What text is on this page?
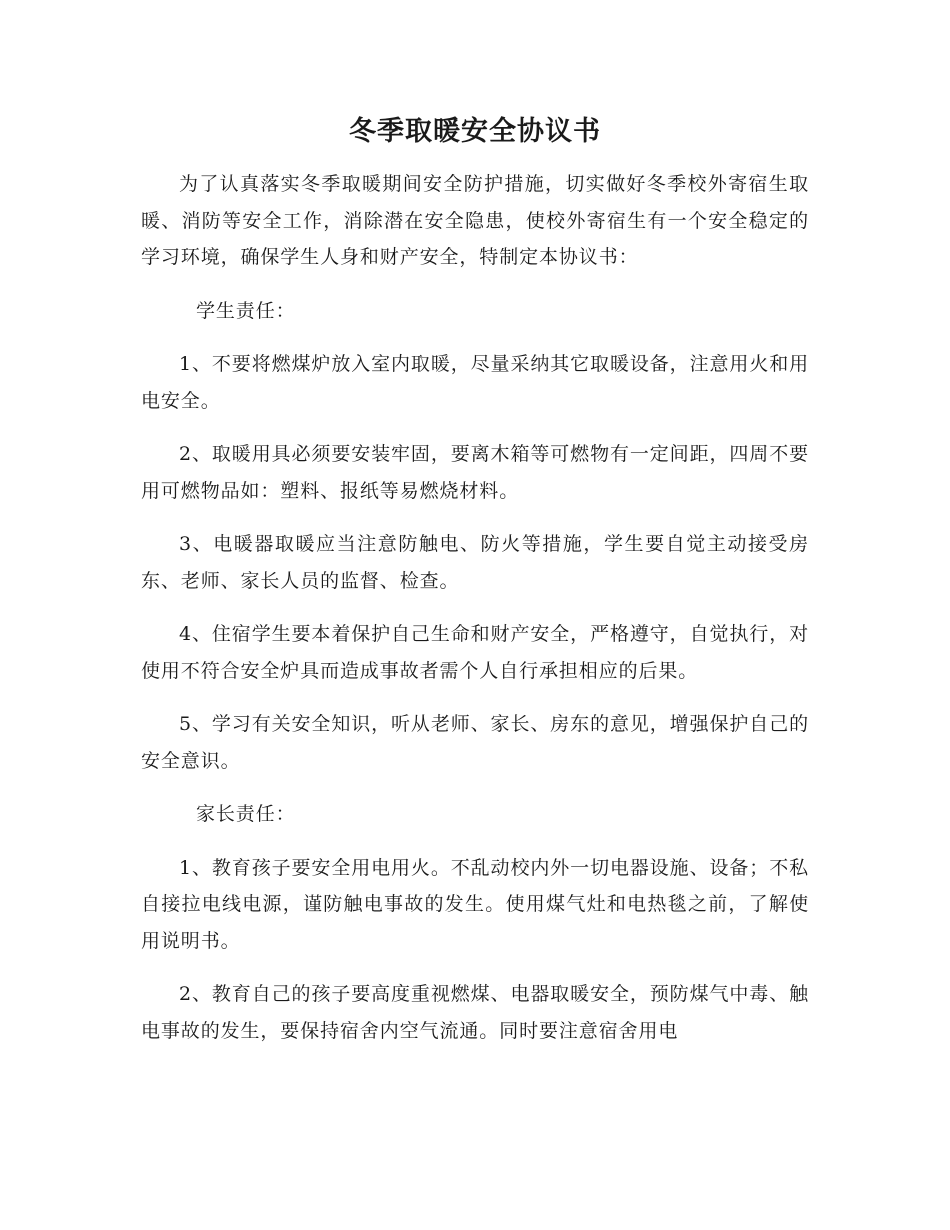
冬季取暖安全协议书

为了认真落实冬季取暖期间安全防护措施，切实做好冬季校外寄宿生取暖、消防等安全工作，消除潜在安全隐患，使校外寄宿生有一个安全稳定的学习环境，确保学生人身和财产安全，特制定本协议书：

学生责任：

1、不要将燃煤炉放入室内取暖，尽量采纳其它取暖设备，注意用火和用电安全。

2、取暖用具必须要安装牢固，要离木箱等可燃物有一定间距，四周不要用可燃物品如：塑料、报纸等易燃烧材料。

3、电暖器取暖应当注意防触电、防火等措施，学生要自觉主动接受房东、老师、家长人员的监督、检查。

4、住宿学生要本着保护自己生命和财产安全，严格遵守，自觉执行，对使用不符合安全炉具而造成事故者需个人自行承担相应的后果。

5、学习有关安全知识，听从老师、家长、房东的意见，增强保护自己的安全意识。

家长责任：

1、教育孩子要安全用电用火。不乱动校内外一切电器设施、设备；不私自接拉电线电源，谨防触电事故的发生。使用煤气灶和电热毯之前，了解使用说明书。

2、教育自己的孩子要高度重视燃煤、电器取暖安全，预防煤气中毒、触电事故的发生，要保持宿舍内空气流通。同时要注意宿舍用电
